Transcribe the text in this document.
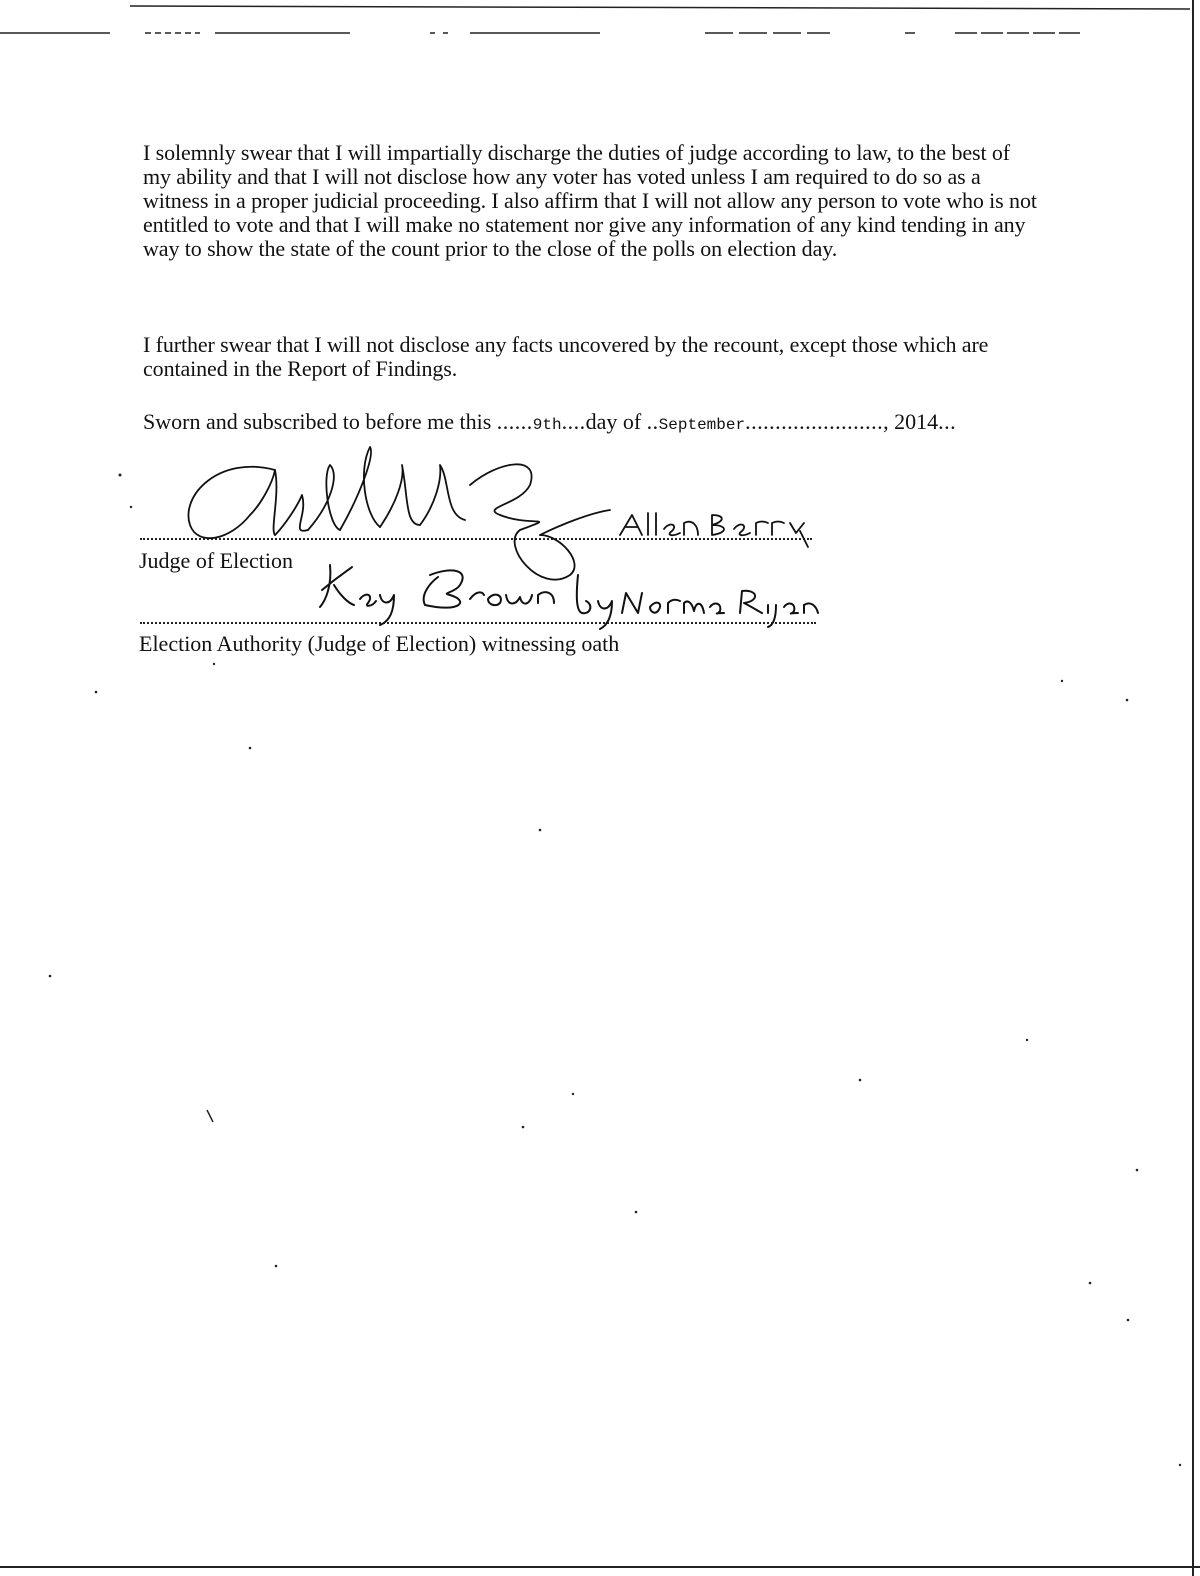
I solemnly swear that I will impartially discharge the duties of judge according to law, to the best of my ability and that I will not disclose how any voter has voted unless I am required to do so as a witness in a proper judicial proceeding. I also affirm that I will not allow any person to vote who is not entitled to vote and that I will make no statement nor give any information of any kind tending in any way to show the state of the count prior to the close of the polls on election day.

I further swear that I will not disclose any facts uncovered by the recount, except those which are contained in the Report of Findings.

Sworn and subscribed to before me this ......9th....day of ..September......................., 2014...
Judge of Election
Election Authority (Judge of Election) witnessing oath
